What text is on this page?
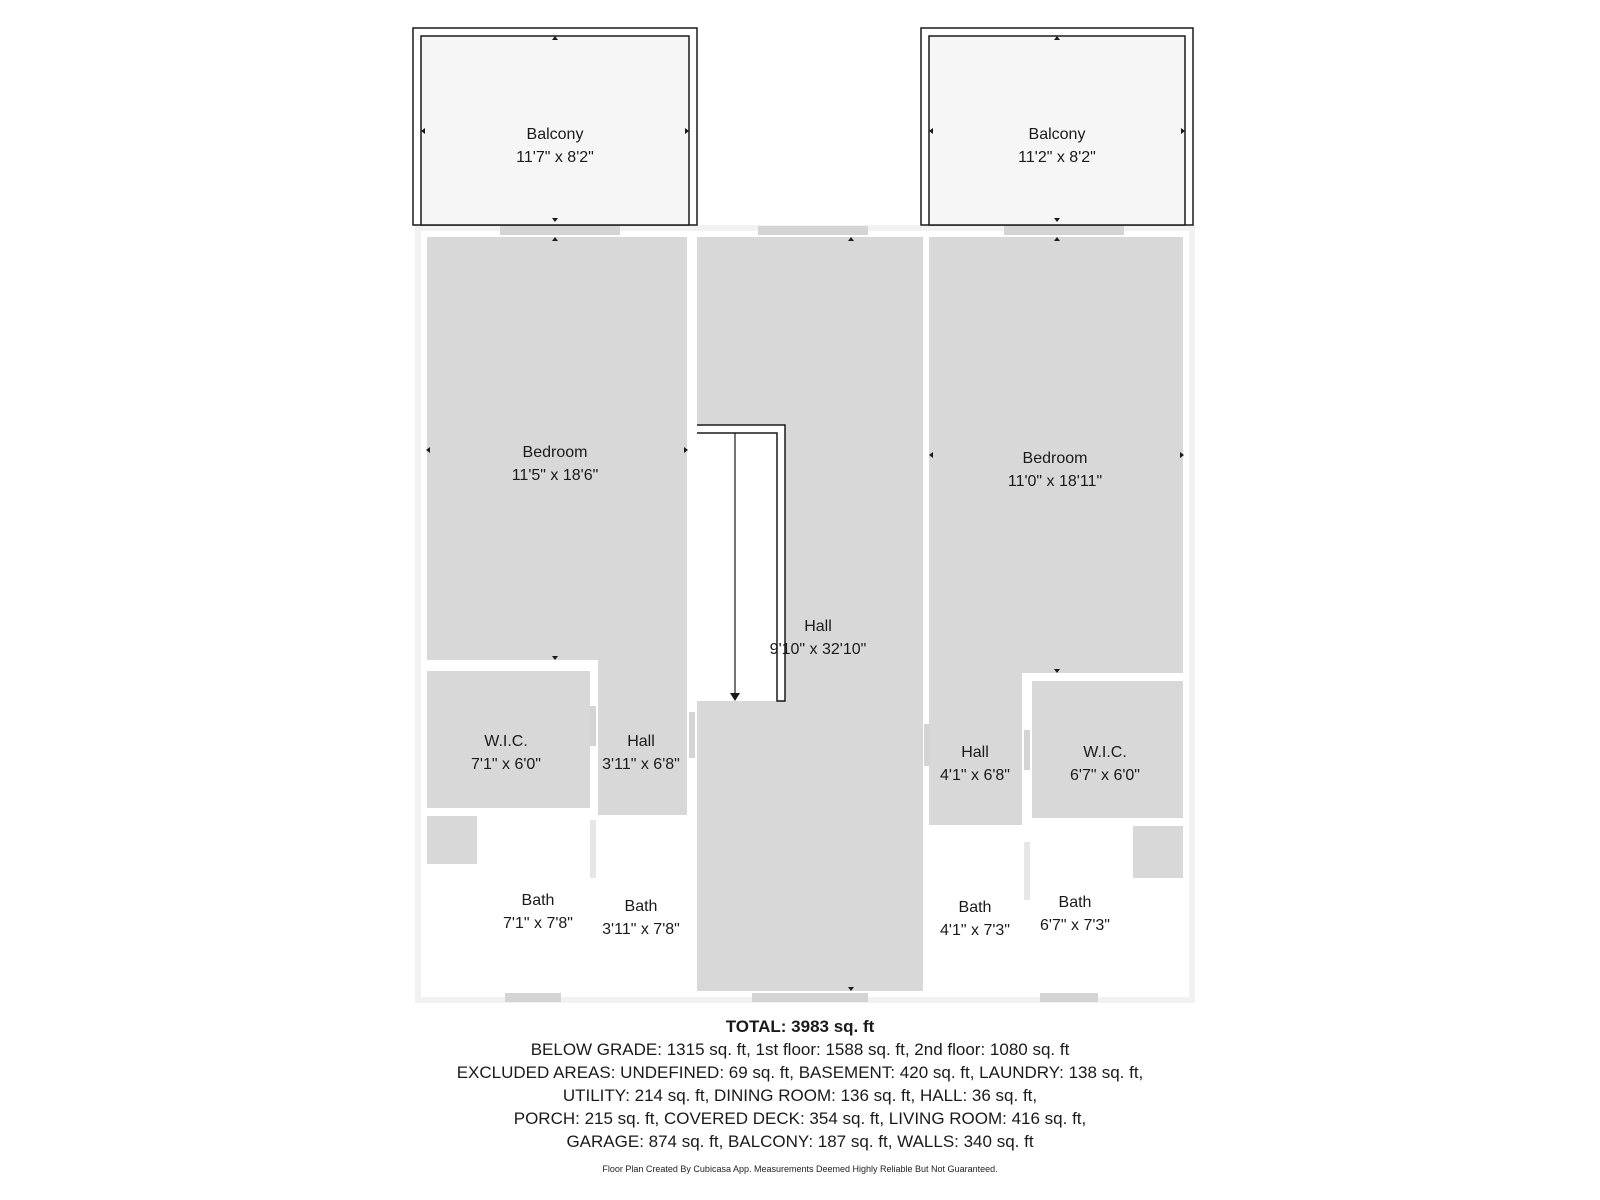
Balcony
11'7" x 8'2"
Balcony
11'2" x 8'2"
Bedroom
11'5" x 18'6"
Bedroom
11'0" x 18'11"
Hall
9'10" x 32'10"
W.I.C.
7'1" x 6'0"
Hall
3'11" x 6'8"
Hall
4'1" x 6'8"
W.I.C.
6'7" x 6'0"
Bath
7'1" x 7'8"
Bath
3'11" x 7'8"
Bath
4'1" x 7'3"
Bath
6'7" x 7'3"
TOTAL: 3983 sq. ft
BELOW GRADE: 1315 sq. ft, 1st floor: 1588 sq. ft, 2nd floor: 1080 sq. ft
EXCLUDED AREAS: UNDEFINED: 69 sq. ft, BASEMENT: 420 sq. ft, LAUNDRY: 138 sq. ft,
UTILITY: 214 sq. ft, DINING ROOM: 136 sq. ft, HALL: 36 sq. ft,
PORCH: 215 sq. ft, COVERED DECK: 354 sq. ft, LIVING ROOM: 416 sq. ft,
GARAGE: 874 sq. ft, BALCONY: 187 sq. ft, WALLS: 340 sq. ft
Floor Plan Created By Cubicasa App. Measurements Deemed Highly Reliable But Not Guaranteed.
